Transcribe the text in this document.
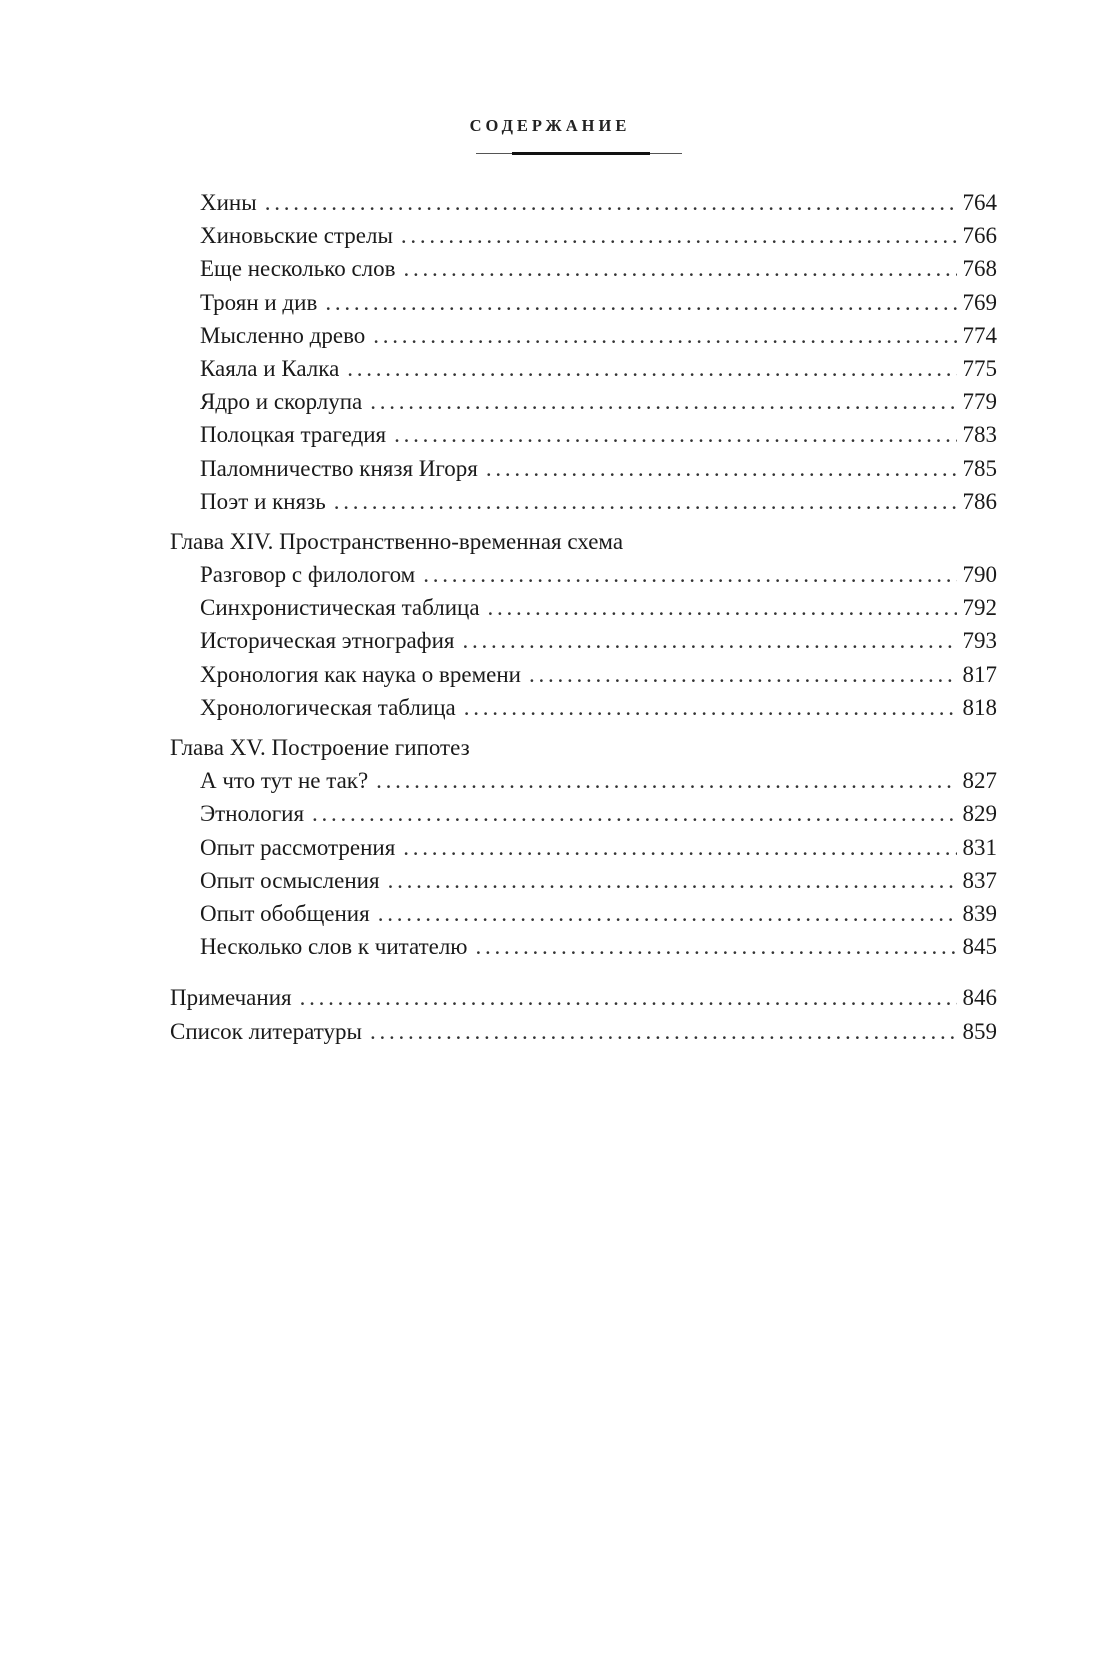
СОДЕРЖАНИЕ
Хины . . .	764
Хиновьские стрелы . . .	766
Еще несколько слов . . .	768
Троян и див . . .	769
Мысленно древо . . .	774
Каяла и Калка . . .	775
Ядро и скорлупа . . .	779
Полоцкая трагедия . . .	783
Паломничество князя Игоря . . .	785
Поэт и князь . . .	786
Глава XIV. Пространственно-временная схема
Разговор с филологом . . .	790
Синхронистическая таблица . . .	792
Историческая этнография . . .	793
Хронология как наука о времени . . .	817
Хронологическая таблица . . .	818
Глава XV. Построение гипотез
А что тут не так? . . .	827
Этнология . . .	829
Опыт рассмотрения . . .	831
Опыт осмысления . . .	837
Опыт обобщения . . .	839
Несколько слов к читателю . . .	845
Примечания . . .	846
Список литературы . . .	859
